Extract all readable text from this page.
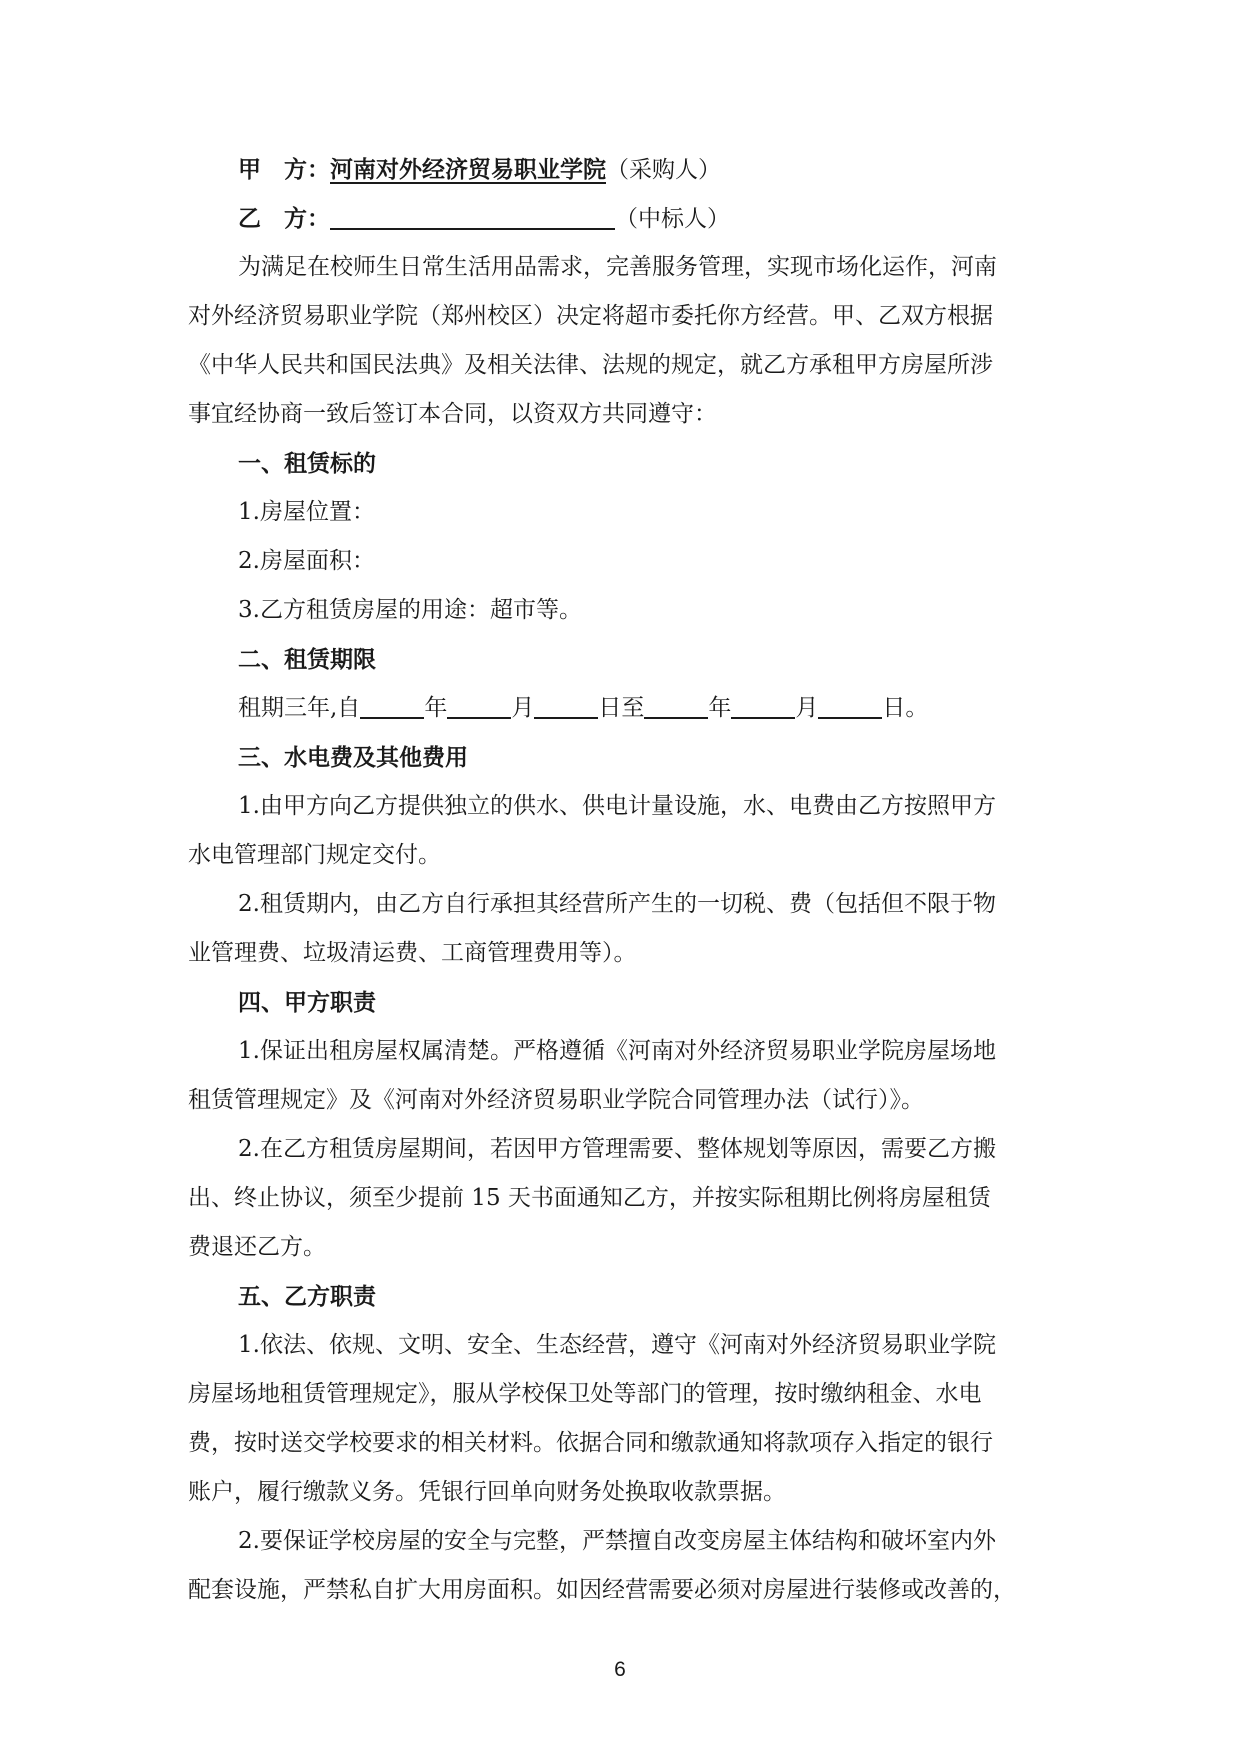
甲　方：河南对外经济贸易职业学院（采购人）
乙　方：	（中标人）
为满足在校师生日常生活用品需求，完善服务管理，实现市场化运作，河南
对外经济贸易职业学院（郑州校区）决定将超市委托你方经营。甲、乙双方根据
《中华人民共和国民法典》及相关法律、法规的规定，就乙方承租甲方房屋所涉
事宜经协商一致后签订本合同，以资双方共同遵守：
一、租赁标的
1.房屋位置：
2.房屋面积：
3.乙方租赁房屋的用途：超市等。
二、租赁期限
租期三年,自	年	月	日至	年	月	日。
三、水电费及其他费用
1.由甲方向乙方提供独立的供水、供电计量设施，水、电费由乙方按照甲方
水电管理部门规定交付。
2.租赁期内，由乙方自行承担其经营所产生的一切税、费（包括但不限于物
业管理费、垃圾清运费、工商管理费用等）。
四、甲方职责
1.保证出租房屋权属清楚。严格遵循《河南对外经济贸易职业学院房屋场地
租赁管理规定》及《河南对外经济贸易职业学院合同管理办法（试行）》。
2.在乙方租赁房屋期间，若因甲方管理需要、整体规划等原因，需要乙方搬
出、终止协议，须至少提前 15 天书面通知乙方，并按实际租期比例将房屋租赁
费退还乙方。
五、乙方职责
1.依法、依规、文明、安全、生态经营，遵守《河南对外经济贸易职业学院
房屋场地租赁管理规定》，服从学校保卫处等部门的管理，按时缴纳租金、水电
费，按时送交学校要求的相关材料。依据合同和缴款通知将款项存入指定的银行
账户，履行缴款义务。凭银行回单向财务处换取收款票据。
2.要保证学校房屋的安全与完整，严禁擅自改变房屋主体结构和破坏室内外
配套设施，严禁私自扩大用房面积。如因经营需要必须对房屋进行装修或改善的，
6
